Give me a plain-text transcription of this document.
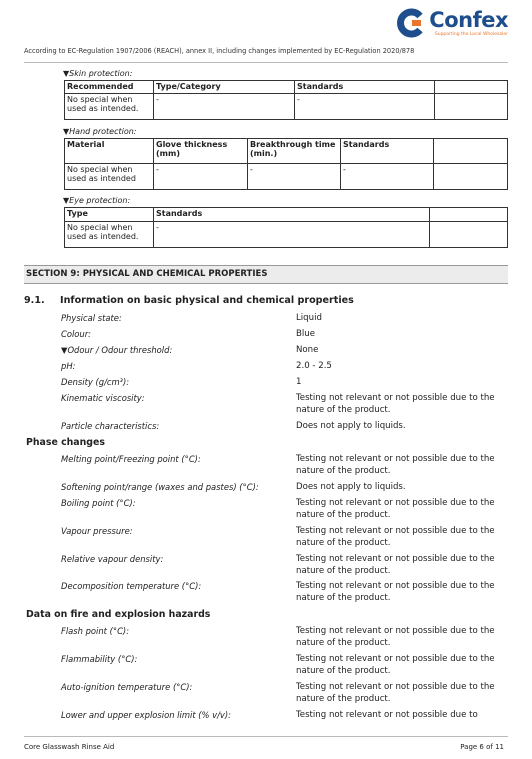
Confex
Supporting the Local Wholesaler
According to EC-Regulation 1907/2006 (REACH), annex II, including changes implemented by EC-Regulation 2020/878
▼Skin protection:
Recommended	Type/Category	Standards	
No special when used as intended.	-	-	
▼Hand protection:
Material	Glove thickness (mm)	Breakthrough time (min.)	Standards	
No special when used as intended	-	-	-	
▼Eye protection:
Type	Standards	
No special when used as intended.	-	
SECTION 9: PHYSICAL AND CHEMICAL PROPERTIES
9.1. Information on basic physical and chemical properties
Physical state:	Liquid
Colour:	Blue
▼Odour / Odour threshold:	None
pH:	2.0 - 2.5
Density (g/cm³):	1
Kinematic viscosity:	Testing not relevant or not possible due to the nature of the product.
Particle characteristics:	Does not apply to liquids.
Phase changes
Melting point/Freezing point (°C):	Testing not relevant or not possible due to the nature of the product.
Softening point/range (waxes and pastes) (°C):	Does not apply to liquids.
Boiling point (°C):	Testing not relevant or not possible due to the nature of the product.
Vapour pressure:	Testing not relevant or not possible due to the nature of the product.
Relative vapour density:	Testing not relevant or not possible due to the nature of the product.
Decomposition temperature (°C):	Testing not relevant or not possible due to the nature of the product.
Data on fire and explosion hazards
Flash point (°C):	Testing not relevant or not possible due to the nature of the product.
Flammability (°C):	Testing not relevant or not possible due to the nature of the product.
Auto-ignition temperature (°C):	Testing not relevant or not possible due to the nature of the product.
Lower and upper explosion limit (% v/v):	Testing not relevant or not possible due to
Core Glasswash Rinse Aid	Page 6 of 11
